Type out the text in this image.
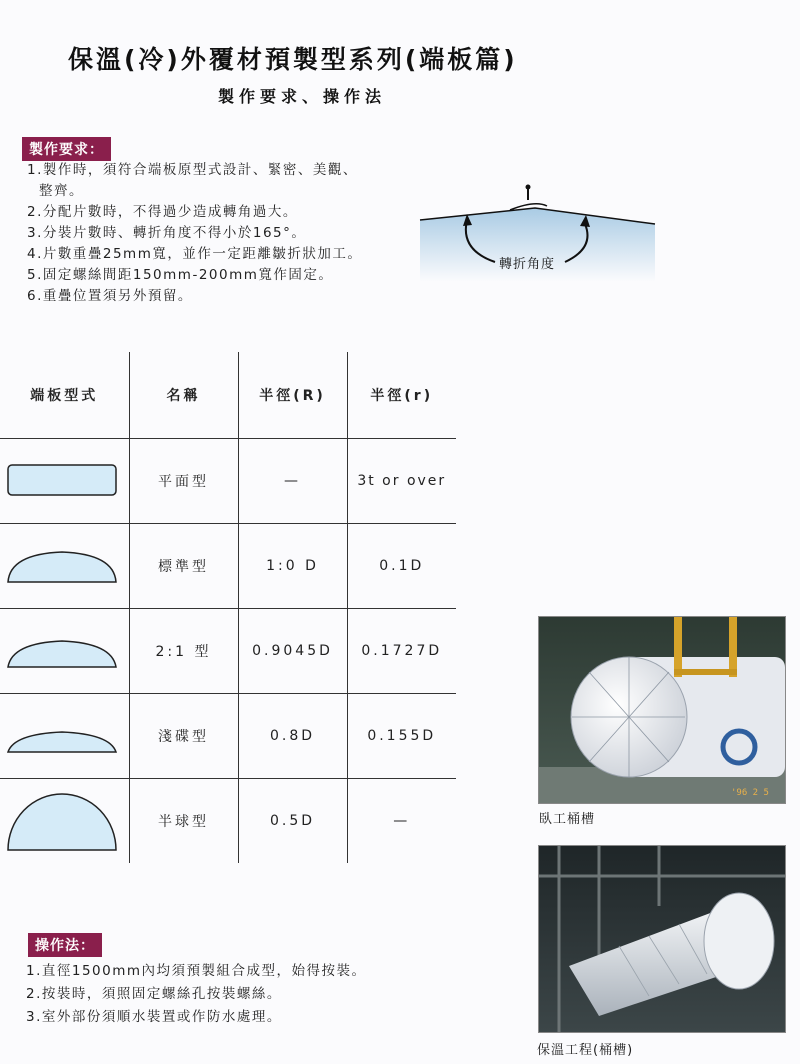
保溫(冷)外覆材預製型系列(端板篇)
製作要求、操作法
製作要求：
1.製作時，須符合端板原型式設計、緊密、美觀、
整齊。
2.分配片數時，不得過少造成轉角過大。
3.分裝片數時、轉折角度不得小於165°。
4.片數重疊25mm寬，並作一定距離皺折狀加工。
5.固定螺絲間距150mm-200mm寬作固定。
6.重疊位置須另外預留。
轉折角度
端板型式	名稱	半徑(R)	半徑(r)

	平面型	—	3t or over

	標準型	1:0 D	0.1D

	2:1 型	0.9045D	0.1727D

	淺碟型	0.8D	0.155D

	半球型	0.5D	—
'96 2 5
臥工桶槽
保溫工程(桶槽)
操作法：
1.直徑1500mm內均須預製組合成型，始得按裝。
2.按裝時，須照固定螺絲孔按裝螺絲。
3.室外部份須順水裝置或作防水處理。
